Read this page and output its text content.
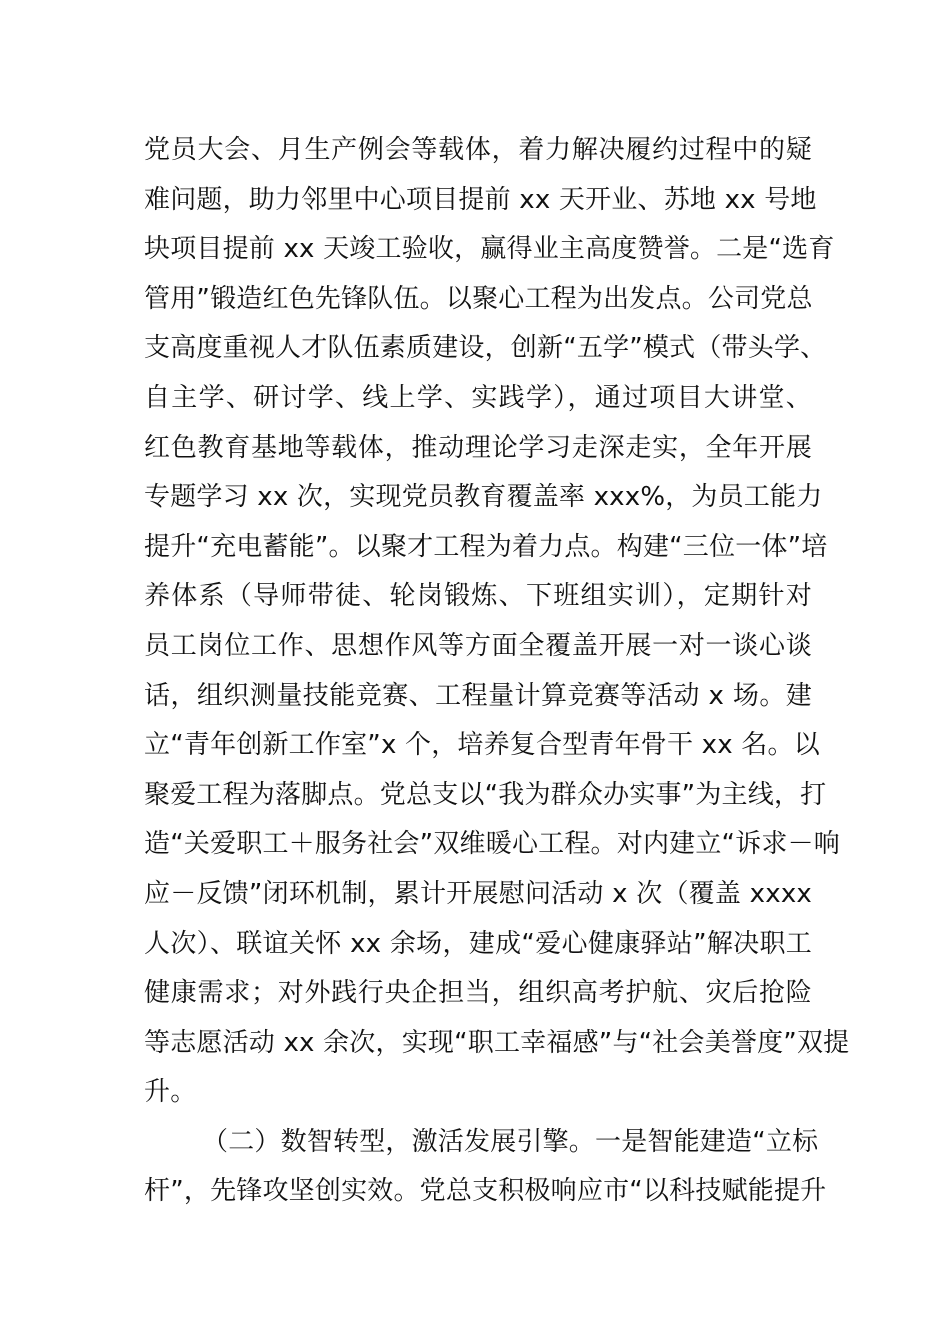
党员大会、月生产例会等载体，着力解决履约过程中的疑
难问题，助力邻里中心项目提前 xx 天开业、苏地 xx 号地
块项目提前 xx 天竣工验收，赢得业主高度赞誉。二是“选育
管用”锻造红色先锋队伍。以聚心工程为出发点。公司党总
支高度重视人才队伍素质建设，创新“五学”模式（带头学、
自主学、研讨学、线上学、实践学），通过项目大讲堂、
红色教育基地等载体，推动理论学习走深走实，全年开展
专题学习 xx 次，实现党员教育覆盖率 xxx%，为员工能力
提升“充电蓄能”。以聚才工程为着力点。构建“三位一体”培
养体系（导师带徒、轮岗锻炼、下班组实训），定期针对
员工岗位工作、思想作风等方面全覆盖开展一对一谈心谈
话，组织测量技能竞赛、工程量计算竞赛等活动 x 场。建
立“青年创新工作室”x 个，培养复合型青年骨干 xx 名。以
聚爱工程为落脚点。党总支以“我为群众办实事”为主线，打
造“关爱职工＋服务社会”双维暖心工程。对内建立“诉求－响
应－反馈”闭环机制，累计开展慰问活动 x 次（覆盖 xxxx
人次）、联谊关怀 xx 余场，建成“爱心健康驿站”解决职工
健康需求；对外践行央企担当，组织高考护航、灾后抢险
等志愿活动 xx 余次，实现“职工幸福感”与“社会美誉度”双提
升。
（二）数智转型，激活发展引擎。一是智能建造“立标
杆”，先锋攻坚创实效。党总支积极响应市“以科技赋能提升
